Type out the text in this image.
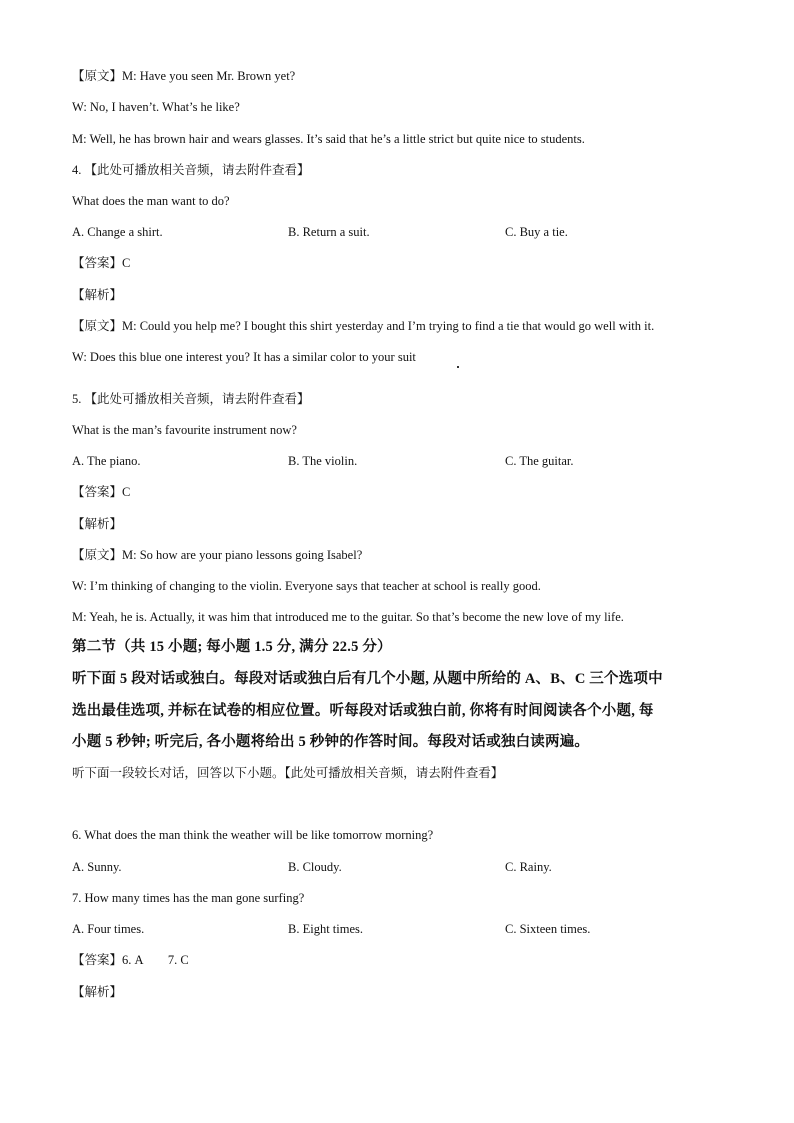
【原文】M: Have you seen Mr. Brown yet?
W: No, I haven’t. What’s he like?
M: Well, he has brown hair and wears glasses. It’s said that he’s a little strict but quite nice to students.
4. 【此处可播放相关音频，请去附件查看】
What does the man want to do?
A. Change a shirt.	B. Return a suit.	C. Buy a tie.
【答案】C
【解析】
【原文】M: Could you help me? I bought this shirt yesterday and I’m trying to find a tie that would go well with it.
W: Does this blue one interest you? It has a similar color to your suit
5. 【此处可播放相关音频，请去附件查看】
What is the man’s favourite instrument now?
A. The piano.	B. The violin.	C. The guitar.
【答案】C
【解析】
【原文】M: So how are your piano lessons going Isabel?
W: I’m thinking of changing to the violin. Everyone says that teacher at school is really good.
M: Yeah, he is. Actually, it was him that introduced me to the guitar. So that’s become the new love of my life.
第二节（共 15 小题; 每小题 1.5 分, 满分 22.5 分）
听下面 5 段对话或独白。每段对话或独白后有几个小题, 从题中所给的 A、B、C 三个选项中
选出最佳选项, 并标在试卷的相应位置。听每段对话或独白前, 你将有时间阅读各个小题, 每
小题 5 秒钟; 听完后, 各小题将给出 5 秒钟的作答时间。每段对话或独白读两遍。
听下面一段较长对话，回答以下小题。【此处可播放相关音频，请去附件查看】
6. What does the man think the weather will be like tomorrow morning?
A. Sunny.	B. Cloudy.	C. Rainy.
7. How many times has the man gone surfing?
A. Four times.	B. Eight times.	C. Sixteen times.
【答案】6. A        7. C
【解析】
